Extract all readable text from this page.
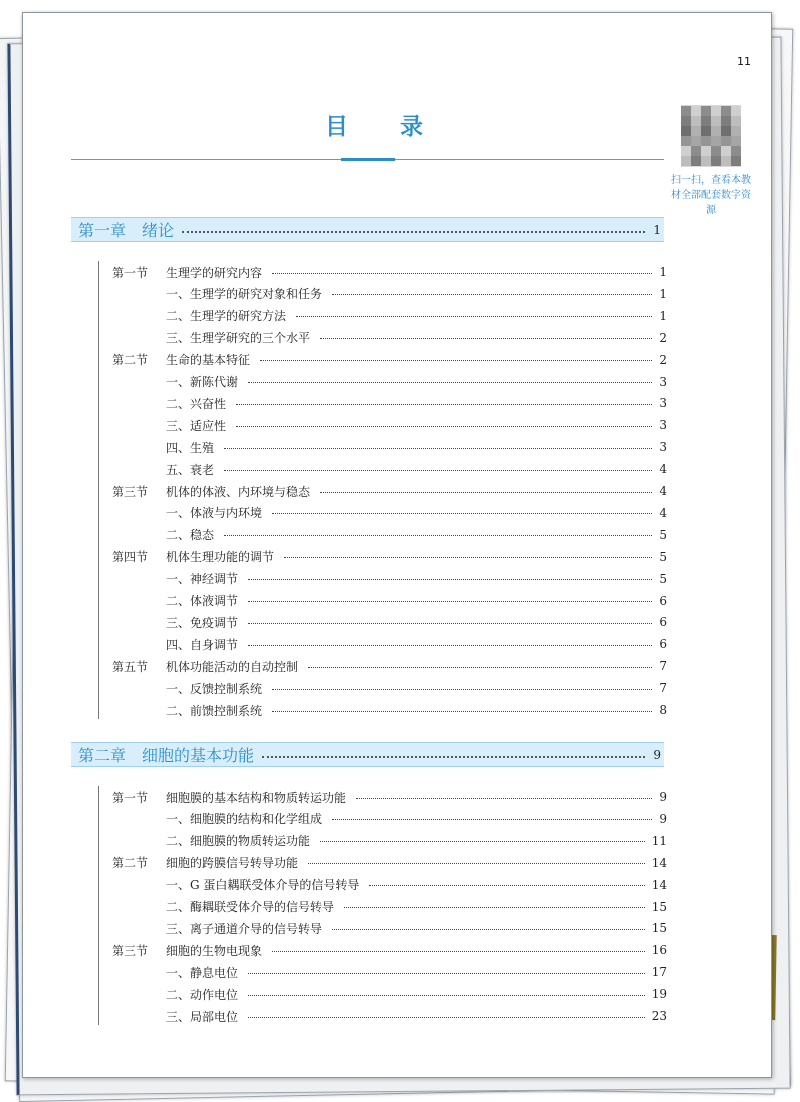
11
目 录
扫一扫，查看本教材全部配套数字资源
第一章 绪论	1
第一节 生理学的研究内容	1
一、生理学的研究对象和任务	1
二、生理学的研究方法	1
三、生理学研究的三个水平	2
第二节 生命的基本特征	2
一、新陈代谢	3
二、兴奋性	3
三、适应性	3
四、生殖	3
五、衰老	4
第三节 机体的体液、内环境与稳态	4
一、体液与内环境	4
二、稳态	5
第四节 机体生理功能的调节	5
一、神经调节	5
二、体液调节	6
三、免疫调节	6
四、自身调节	6
第五节 机体功能活动的自动控制	7
一、反馈控制系统	7
二、前馈控制系统	8
第二章 细胞的基本功能	9
第一节 细胞膜的基本结构和物质转运功能	9
一、细胞膜的结构和化学组成	9
二、细胞膜的物质转运功能	11
第二节 细胞的跨膜信号转导功能	14
一、G 蛋白耦联受体介导的信号转导	14
二、酶耦联受体介导的信号转导	15
三、离子通道介导的信号转导	15
第三节 细胞的生物电现象	16
一、静息电位	17
二、动作电位	19
三、局部电位	23
